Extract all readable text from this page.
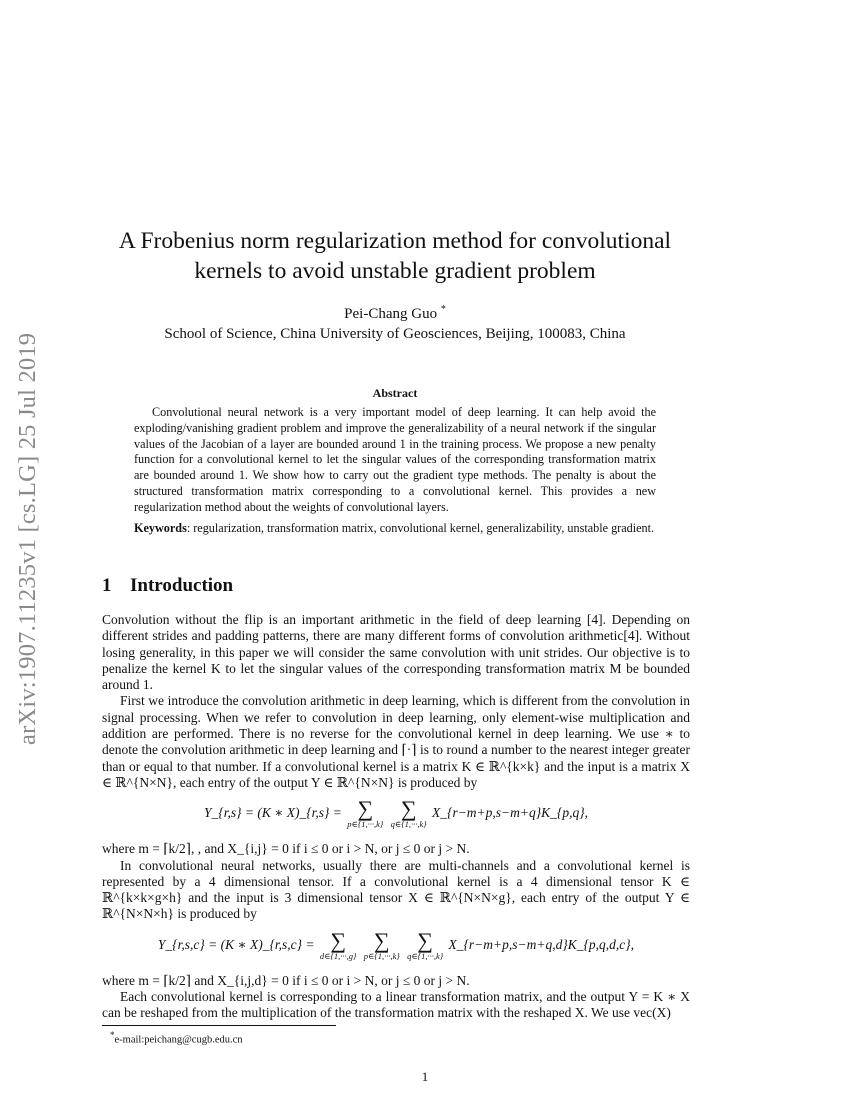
arXiv:1907.11235v1 [cs.LG] 25 Jul 2019
A Frobenius norm regularization method for convolutional
kernels to avoid unstable gradient problem
Pei-Chang Guo *
School of Science, China University of Geosciences, Beijing, 100083, China
Abstract

Convolutional neural network is a very important model of deep learning. It can help avoid the exploding/vanishing gradient problem and improve the generalizability of a neural network if the singular values of the Jacobian of a layer are bounded around 1 in the training process. We propose a new penalty function for a convolutional kernel to let the singular values of the corresponding transformation matrix are bounded around 1. We show how to carry out the gradient type methods. The penalty is about the structured transformation matrix corresponding to a convolutional kernel. This provides a new regularization method about the weights of convolutional layers.

Keywords: regularization, transformation matrix, convolutional kernel, generalizability, unstable gradient.
1 Introduction

Convolution without the flip is an important arithmetic in the field of deep learning [4]. Depending on different strides and padding patterns, there are many different forms of convolution arithmetic[4]. Without losing generality, in this paper we will consider the same convolution with unit strides. Our objective is to penalize the kernel K to let the singular values of the corresponding transformation matrix M be bounded around 1.

First we introduce the convolution arithmetic in deep learning, which is different from the convolution in signal processing. When we refer to convolution in deep learning, only element-wise multiplication and addition are performed. There is no reverse for the convolutional kernel in deep learning. We use ∗ to denote the convolution arithmetic in deep learning and ⌈·⌉ is to round a number to the nearest integer greater than or equal to that number. If a convolutional kernel is a matrix K ∈ ℝ^{k×k} and the input is a matrix X ∈ ℝ^{N×N}, each entry of the output Y ∈ ℝ^{N×N} is produced by

Y_{r,s} = (K ∗ X)_{r,s} = ∑
p∈{1,···,k}

∑
q∈{1,···,k}
X_{r−m+p,s−m+q}K_{p,q},

where m = ⌈k/2⌉, , and X_{i,j} = 0 if i ≤ 0 or i > N, or j ≤ 0 or j > N.

In convolutional neural networks, usually there are multi-channels and a convolutional kernel is represented by a 4 dimensional tensor. If a convolutional kernel is a 4 dimensional tensor K ∈ ℝ^{k×k×g×h} and the input is 3 dimensional tensor X ∈ ℝ^{N×N×g}, each entry of the output Y ∈ ℝ^{N×N×h} is produced by

Y_{r,s,c} = (K ∗ X)_{r,s,c} = ∑
d∈{1,···,g}

∑
p∈{1,···,k}

∑
q∈{1,···,k}
X_{r−m+p,s−m+q,d}K_{p,q,d,c},

where m = ⌈k/2⌉ and X_{i,j,d} = 0 if i ≤ 0 or i > N, or j ≤ 0 or j > N.

Each convolutional kernel is corresponding to a linear transformation matrix, and the output Y = K ∗ X can be reshaped from the multiplication of the transformation matrix with the reshaped X. We use vec(X)

*e-mail:peichang@cugb.edu.cn
1
